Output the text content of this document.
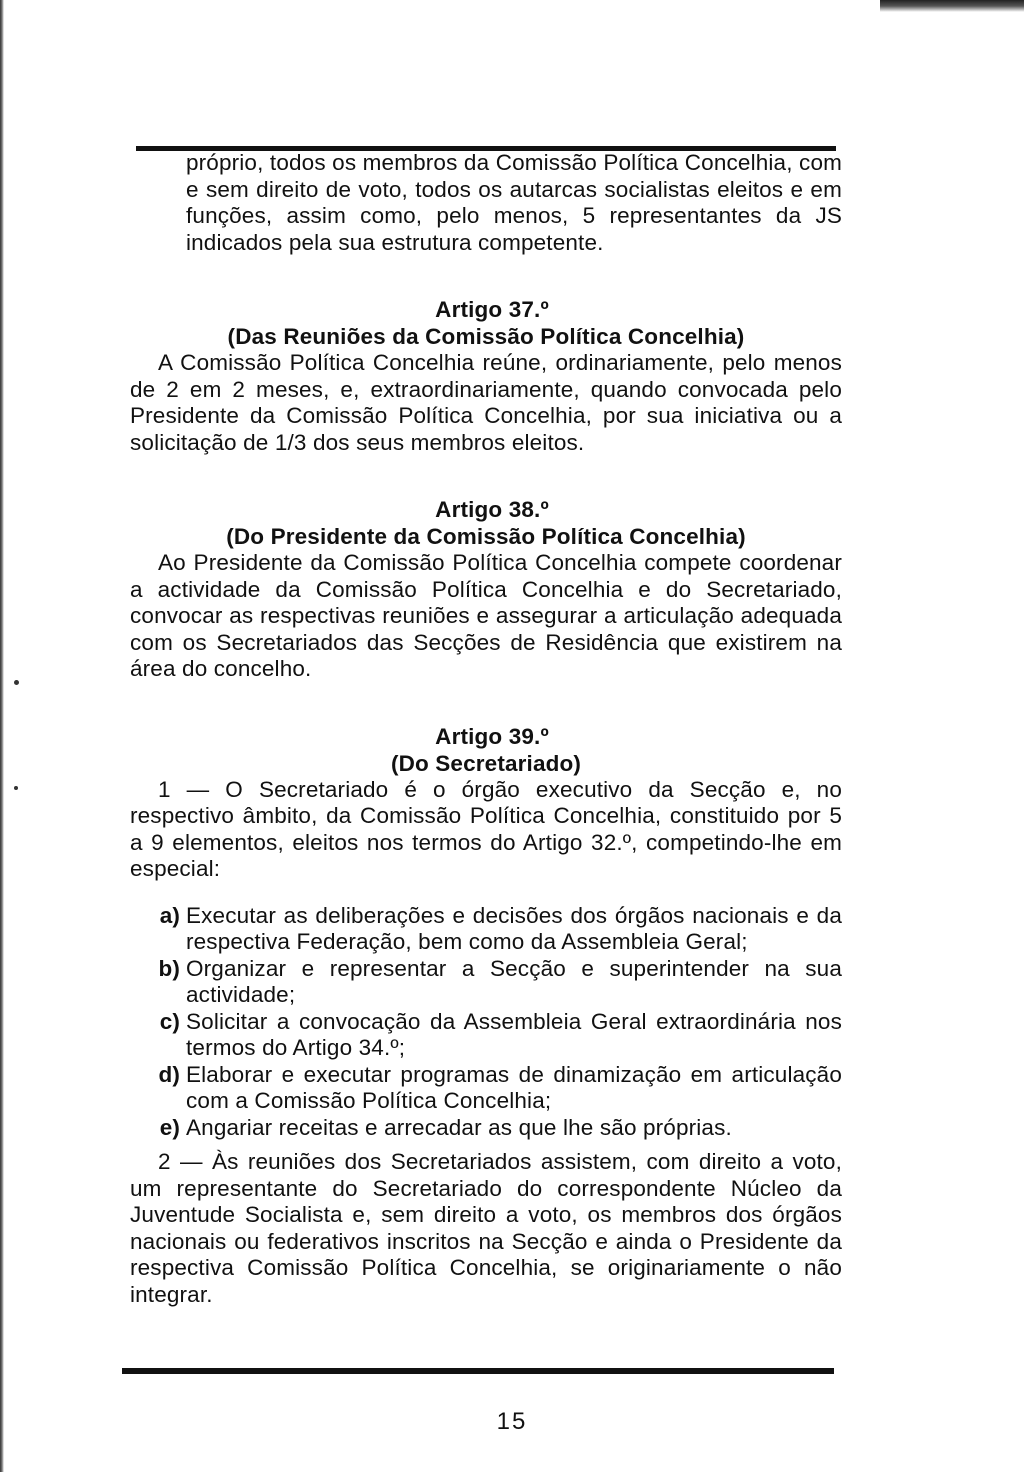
próprio, todos os membros da Comissão Política Concelhia, com e sem direito de voto, todos os autarcas socialistas eleitos e em funções, assim como, pelo menos, 5 representantes da JS indicados pela sua estrutura competente.

Artigo 37.º
(Das Reuniões da Comissão Política Concelhia)

A Comissão Política Concelhia reúne, ordinariamente, pelo menos de 2 em 2 meses, e, extraordinariamente, quando convocada pelo Presidente da Comissão Política Concelhia, por sua iniciativa ou a solicitação de 1/3 dos seus membros eleitos.

Artigo 38.º
(Do Presidente da Comissão Política Concelhia)

Ao Presidente da Comissão Política Concelhia compete coordenar a actividade da Comissão Política Concelhia e do Secretariado, convocar as respectivas reuniões e assegurar a articulação adequada com os Secretariados das Secções de Residência que existirem na área do concelho.

Artigo 39.º
(Do Secretariado)

1 — O Secretariado é o órgão executivo da Secção e, no respectivo âmbito, da Comissão Política Concelhia, constituido por 5 a 9 elementos, eleitos nos termos do Artigo 32.º, competindo-lhe em especial:

a) Executar as deliberações e decisões dos órgãos nacionais e da respectiva Federação, bem como da Assembleia Geral;
b) Organizar e representar a Secção e superintender na sua actividade;
c) Solicitar a convocação da Assembleia Geral extraordinária nos termos do Artigo 34.º;
d) Elaborar e executar programas de dinamização em articulação com a Comissão Política Concelhia;
e) Angariar receitas e arrecadar as que lhe são próprias.

2 — Às reuniões dos Secretariados assistem, com direito a voto, um representante do Secretariado do correspondente Núcleo da Juventude Socialista e, sem direito a voto, os membros dos órgãos nacionais ou federativos inscritos na Secção e ainda o Presidente da respectiva Comissão Política Concelhia, se originariamente o não integrar.

15
